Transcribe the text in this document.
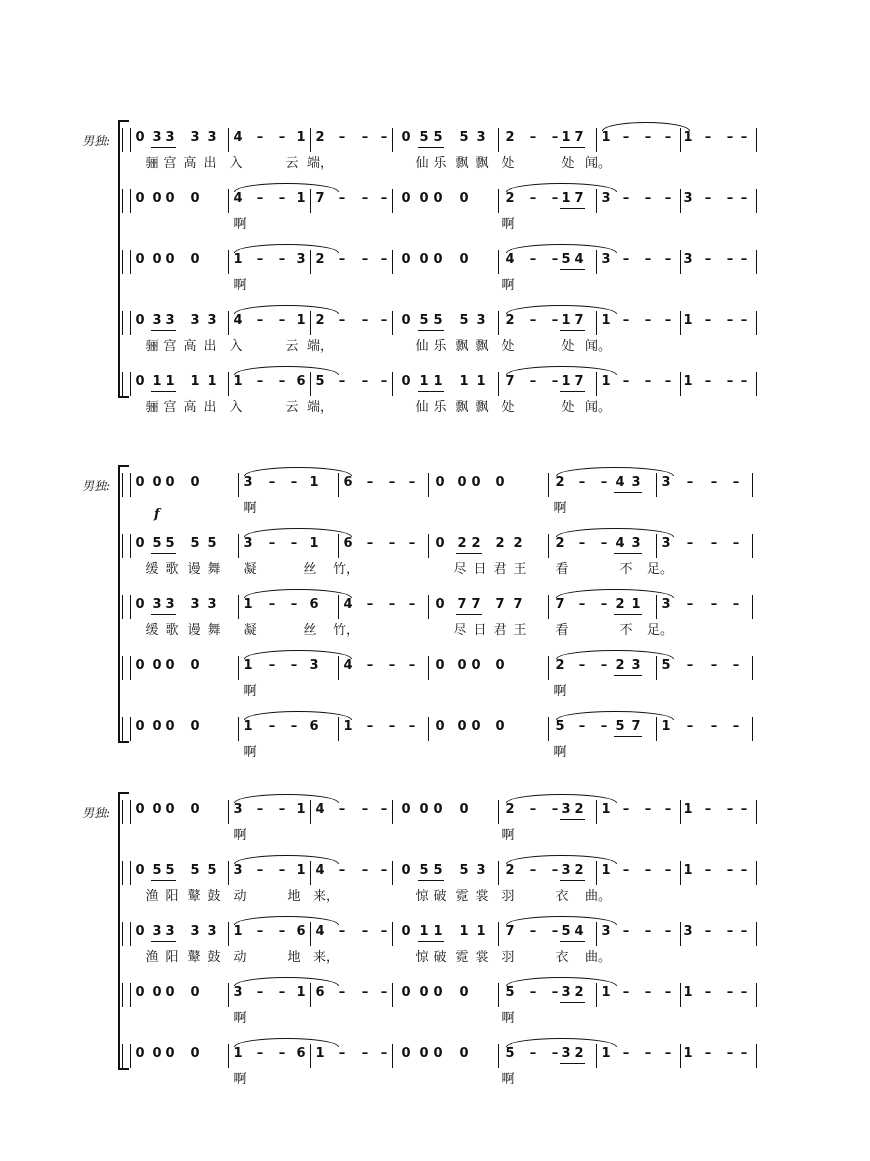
男独: 0 3 3 3 3 4 – – 1 2 – – – 0 5 5 5 3 2 – – 1 7 1 – – – 1 – – –
0 0 0 0	4 – – 1 7 – – – 0 0 0 0	2 – – 1 7 3 – – – 3 – – –
0 0 0 0	1 – – 3 2 – – – 0 0 0 0	4 – – 5 4 3 – – – 3 – – –
0 3 3 3 3 4 – – 1 2 – – – 0 5 5 5 3 2 – – 1 7 1 – – – 1 – – –
0 1 1 1 1 1 – – 6 5 – – – 0 1 1 1 1 7 – – 1 7 1 – – – 1 – – –
骊 宫 高 出 入	云 端，	仙 乐 飘 飘 处	处 闻。
啊	啊
啊	啊
骊 宫 高 出 入	云 端，	仙 乐 飘 飘 处	处 闻。
骊 宫 高 出 入	云 端，	仙 乐 飘 飘 处	处 闻。
男独:
f
0 0 0 0	3 – – 1 6 – – – 0 0 0 0	2 – – 4 3 3 – – –
0 5 5 5 5 3 – – 1 6 – – – 0 2 2 2 2	2 – – 4 3 3 – – –
0 3 3 3 3 1 – – 6 4 – – – 0 7 7 7 7	7 – – 2 1 3 – – –
0 0 0 0	1 – – 3 4 – – – 0 0 0 0	2 – – 2 3 5 – – –
0 0 0 0	1 – – 6 1 – – – 0 0 0 0	5 – – 5 7 1 – – –
啊	啊
缓 歌 谩 舞 凝	丝 竹，	尽 日 君 王 看	不 足。
缓 歌 谩 舞 凝	丝 竹，	尽 日 君 王 看	不 足。
啊	啊
啊	啊
男独: 0 0 0 0	3 – – 1 4 – – – 0 0 0 0	2 – – 3 2 1 – – – 1 – – –
0 5 5 5 5 3 – – 1 4 – – – 0 5 5 5 3 2 – – 3 2 1 – – – 1 – – –
0 3 3 3 3 1 – – 6 4 – – – 0 1 1 1 1 7 – – 5 4 3 – – – 3 – – –
0 0 0 0	3 – – 1 6 – – – 0 0 0 0	5 – – 3 2 1 – – – 1 – – –
0 0 0 0	1 – – 6 1 – – – 0 0 0 0	5 – – 3 2 1 – – – 1 – – –
啊	啊
渔 阳 鼙 鼓 动	地 来，	惊 破 霓 裳 羽	衣 曲。
渔 阳 鼙 鼓 动	地 来，	惊 破 霓 裳 羽	衣 曲。
啊	啊
啊	啊
